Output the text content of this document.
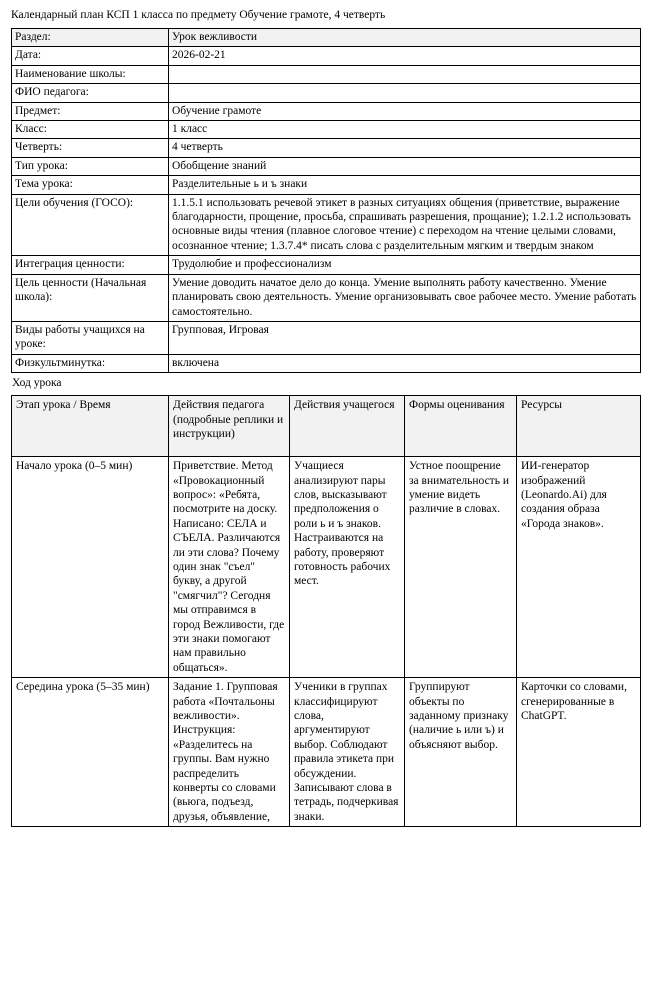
Календарный план КСП 1 класса по предмету Обучение грамоте, 4 четверть
Раздел:	Урок вежливости
Дата:	2026-02-21
Наименование школы:	
ФИО педагога:	
Предмет:	Обучение грамоте
Класс:	1 класс
Четверть:	4 четверть
Тип урока:	Обобщение знаний
Тема урока:	Разделительные ь и ъ знаки
Цели обучения (ГОСО):	1.1.5.1 использовать речевой этикет в разных ситуациях общения (приветствие, выражение благодарности, прощение, просьба, спрашивать разрешения, прощание); 1.2.1.2 использовать основные виды чтения (плавное слоговое чтение) с переходом на чтение целыми словами, осознанное чтение; 1.3.7.4* писать слова с разделительным мягким и твердым знаком
Интеграция ценности:	Трудолюбие и профессионализм
Цель ценности (Начальная школа):	Умение доводить начатое дело до конца. Умение выполнять работу качественно. Умение планировать свою деятельность. Умение организовывать свое рабочее место. Умение работать самостоятельно.
Виды работы учащихся на уроке:	Групповая, Игровая
Физкультминутка:	включена
Ход урока
Этап урока / Время	Действия педагога (подробные реплики и инструкции)	Действия учащегося	Формы оценивания	Ресурсы
Начало урока (0–5 мин)	Приветствие. Метод «Провокационный вопрос»: «Ребята, посмотрите на доску. Написано: СЕЛА и СЪЕЛА. Различаются ли эти слова? Почему один знак "съел" букву, а другой "смягчил"? Сегодня мы отправимся в город Вежливости, где эти знаки помогают нам правильно общаться».	Учащиеся анализируют пары слов, высказывают предположения о роли ь и ъ знаков. Настраиваются на работу, проверяют готовность рабочих мест.	Устное поощрение за внимательность и умение видеть различие в словах.	ИИ-генератор изображений (Leonardo.Ai) для создания образа «Города знаков».
Середина урока (5–35 мин)	Задание 1. Групповая работа «Почтальоны вежливости». Инструкция: «Разделитесь на группы. Вам нужно распределить конверты со словами (вьюга, подъезд, друзья, объявление,	Ученики в группах классифицируют слова, аргументируют выбор. Соблюдают правила этикета при обсуждении. Записывают слова в тетрадь, подчеркивая знаки.	Группируют объекты по заданному признаку (наличие ь или ъ) и объясняют выбор.	Карточки со словами, сгенерированные в ChatGPT.
